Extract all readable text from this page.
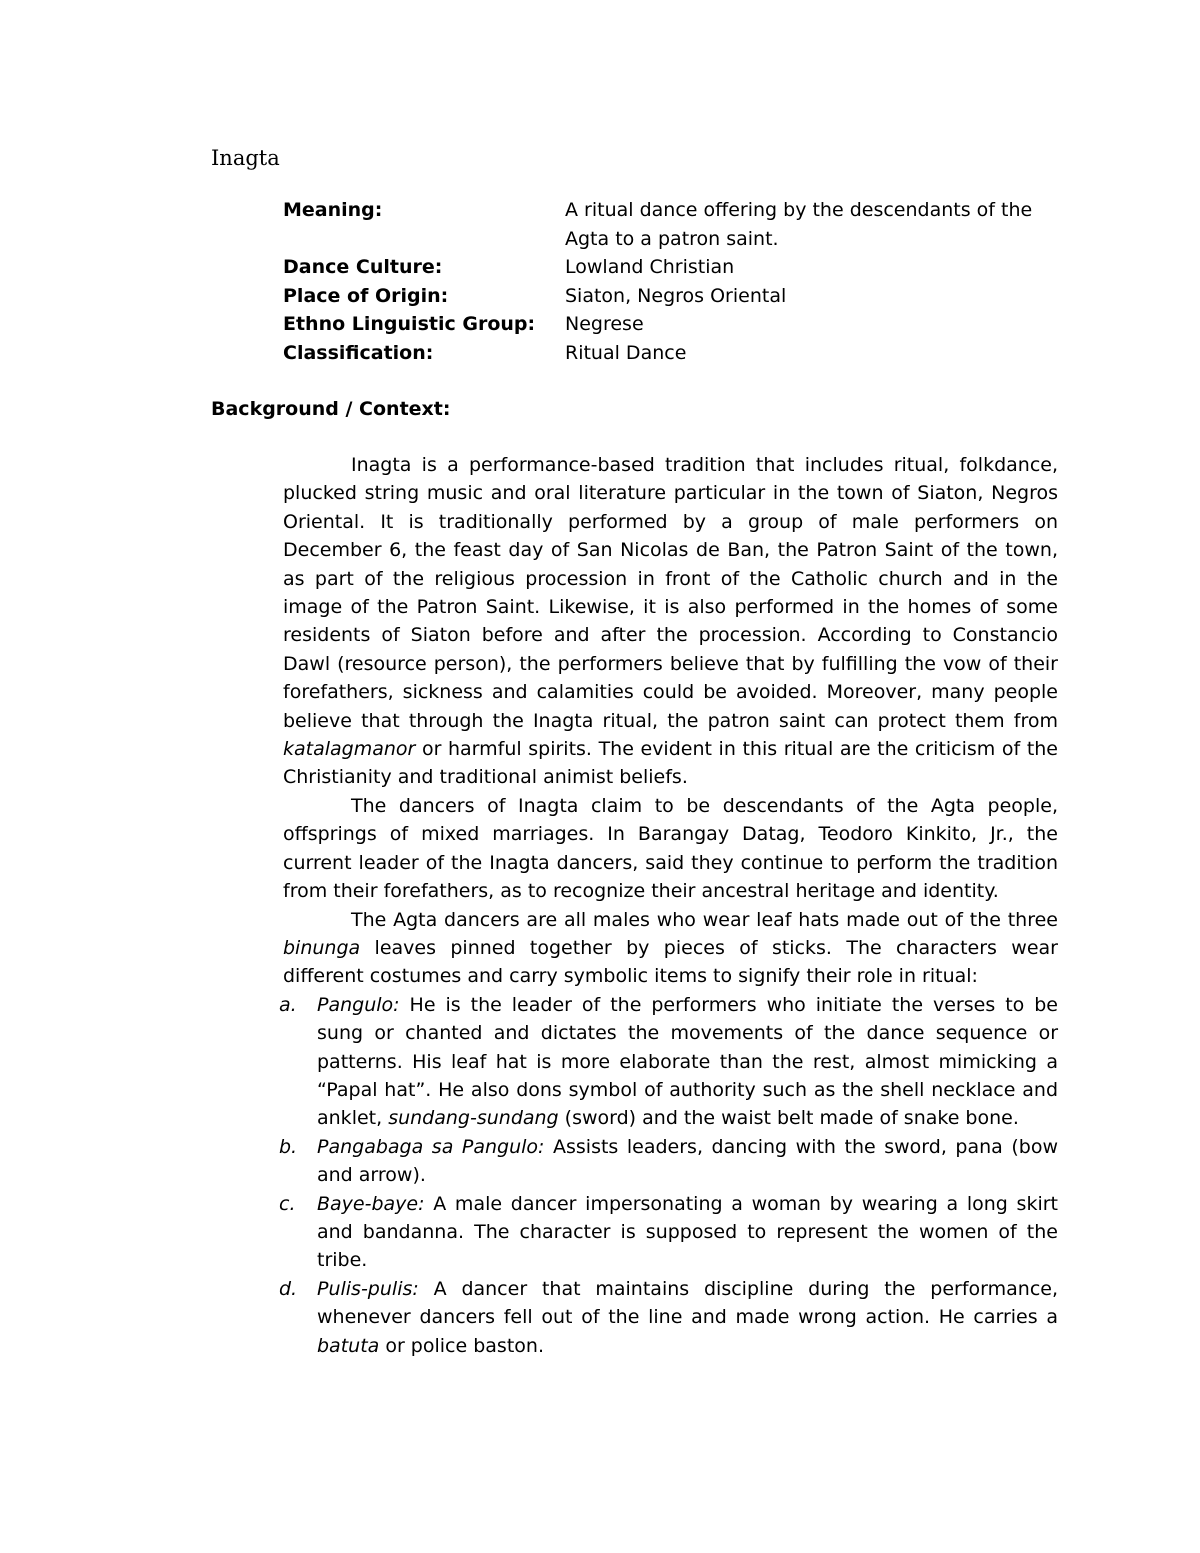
Inagta
Meaning:	A ritual dance offering by the descendants of the Agta to a patron saint.
Dance Culture:	Lowland Christian
Place of Origin:	Siaton, Negros Oriental
Ethno Linguistic Group:	Negrese
Classification:	Ritual Dance
Background / Context:

Inagta is a performance-based tradition that includes ritual, folkdance, plucked string music and oral literature particular in the town of Siaton, Negros Oriental. It is traditionally performed by a group of male performers on December 6, the feast day of San Nicolas de Ban, the Patron Saint of the town, as part of the religious procession in front of the Catholic church and in the image of the Patron Saint. Likewise, it is also performed in the homes of some residents of Siaton before and after the procession. According to Constancio Dawl (resource person), the performers believe that by fulfilling the vow of their forefathers, sickness and calamities could be avoided. Moreover, many people believe that through the Inagta ritual, the patron saint can protect them from katalagmanor or harmful spirits. The evident in this ritual are the criticism of the Christianity and traditional animist beliefs.

The dancers of Inagta claim to be descendants of the Agta people, offsprings of mixed marriages. In Barangay Datag, Teodoro Kinkito, Jr., the current leader of the Inagta dancers, said they continue to perform the tradition from their forefathers, as to recognize their ancestral heritage and identity.

The Agta dancers are all males who wear leaf hats made out of the three binunga leaves pinned together by pieces of sticks. The characters wear different costumes and carry symbolic items to signify their role in ritual:

a. Pangulo: He is the leader of the performers who initiate the verses to be sung or chanted and dictates the movements of the dance sequence or patterns. His leaf hat is more elaborate than the rest, almost mimicking a “Papal hat”. He also dons symbol of authority such as the shell necklace and anklet, sundang-sundang (sword) and the waist belt made of snake bone.
b. Pangabaga sa Pangulo: Assists leaders, dancing with the sword, pana (bow and arrow).
c. Baye-baye: A male dancer impersonating a woman by wearing a long skirt and bandanna. The character is supposed to represent the women of the tribe.
d. Pulis-pulis: A dancer that maintains discipline during the performance, whenever dancers fell out of the line and made wrong action. He carries a batuta or police baston.
